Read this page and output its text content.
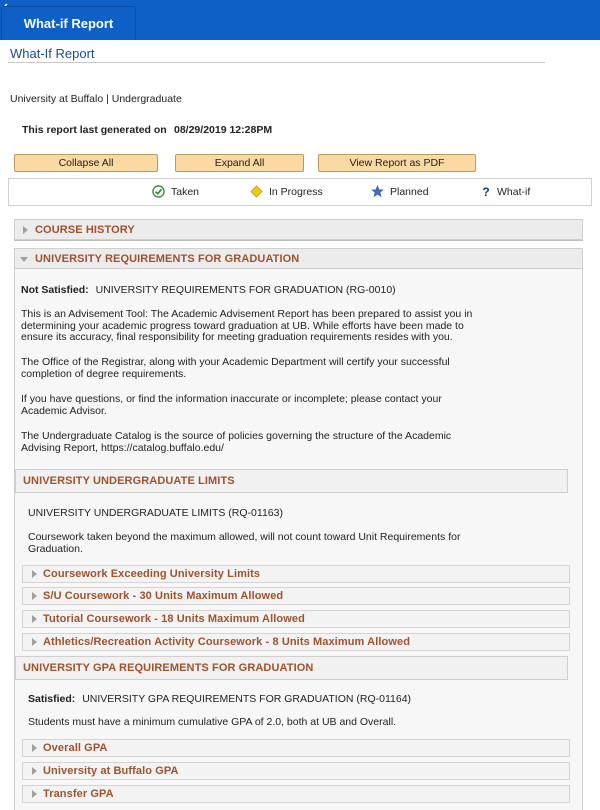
What-if Report
What-If Report
University at Buffalo | Undergraduate
This report last generated on 08/29/2019 12:28PM
Collapse All	Expand All	View Report as PDF
Taken	In Progress	Planned	? What-if
COURSE HISTORY
UNIVERSITY REQUIREMENTS FOR GRADUATION
Not Satisfied: UNIVERSITY REQUIREMENTS FOR GRADUATION (RG-0010)
This is an Advisement Tool: The Academic Advisement Report has been prepared to assist you in
determining your academic progress toward graduation at UB. While efforts have been made to
ensure its accuracy, final responsibility for meeting graduation requirements resides with you.
The Office of the Registrar, along with your Academic Department will certify your successful
completion of degree requirements.
If you have questions, or find the information inaccurate or incomplete; please contact your
Academic Advisor.
The Undergraduate Catalog is the source of policies governing the structure of the Academic
Advising Report, https://catalog.buffalo.edu/
UNIVERSITY UNDERGRADUATE LIMITS
UNIVERSITY UNDERGRADUATE LIMITS (RQ-01163)
Coursework taken beyond the maximum allowed, will not count toward Unit Requirements for
Graduation.
Coursework Exceeding University Limits
S/U Coursework - 30 Units Maximum Allowed
Tutorial Coursework - 18 Units Maximum Allowed
Athletics/Recreation Activity Coursework - 8 Units Maximum Allowed
UNIVERSITY GPA REQUIREMENTS FOR GRADUATION
Satisfied: UNIVERSITY GPA REQUIREMENTS FOR GRADUATION (RQ-01164)
Students must have a minimum cumulative GPA of 2.0, both at UB and Overall.
Overall GPA
University at Buffalo GPA
Transfer GPA
